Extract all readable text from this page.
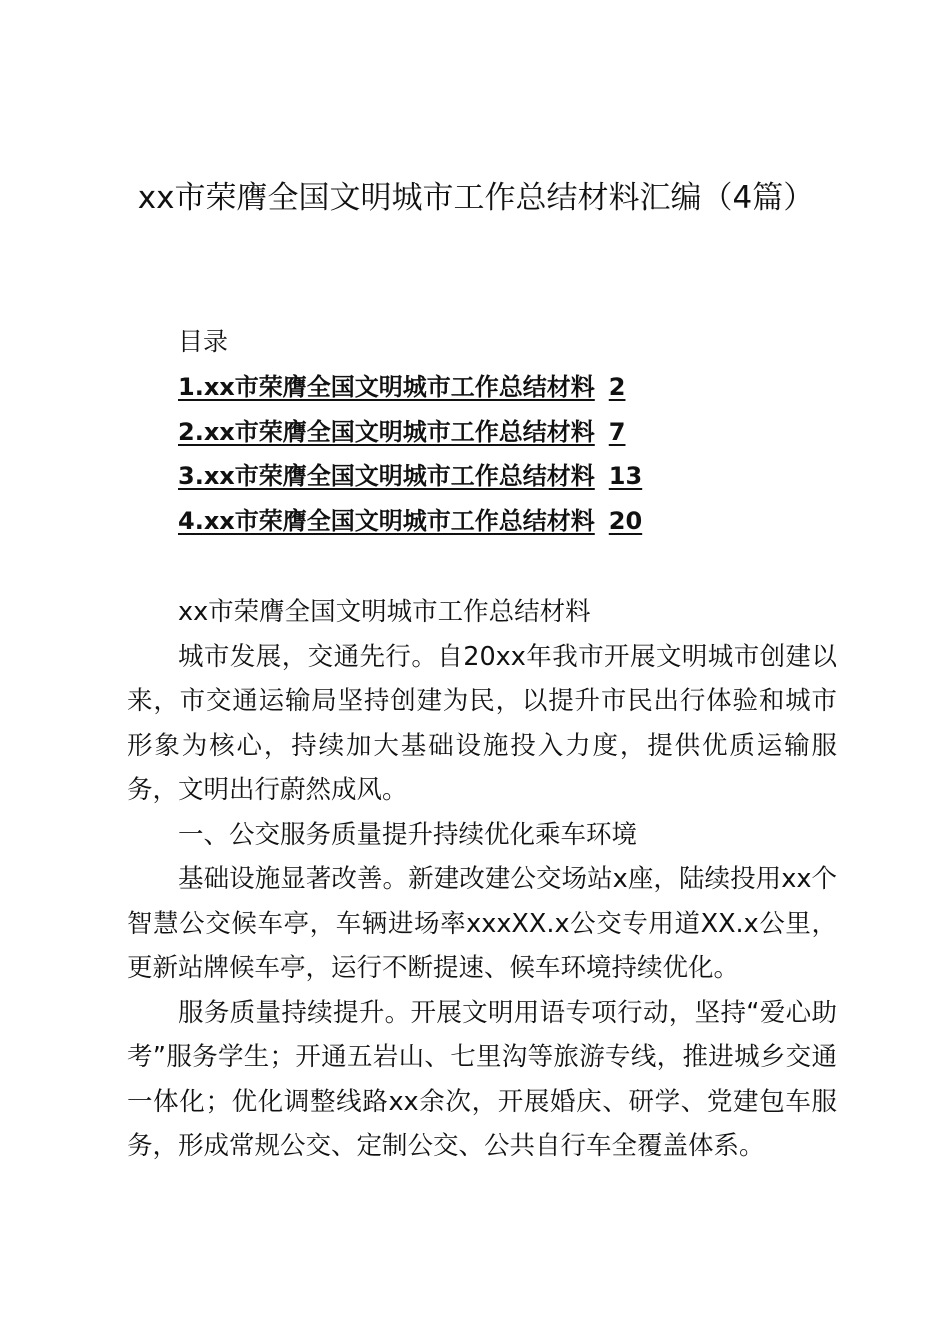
xx市荣膺全国文明城市工作总结材料汇编（4篇）
目录
1.xx市荣膺全国文明城市工作总结材料 2
2.xx市荣膺全国文明城市工作总结材料 7
3.xx市荣膺全国文明城市工作总结材料 13
4.xx市荣膺全国文明城市工作总结材料 20

xx市荣膺全国文明城市工作总结材料

城市发展，交通先行。自20xx年我市开展文明城市创建以来，市交通运输局坚持创建为民，以提升市民出行体验和城市形象为核心，持续加大基础设施投入力度，提供优质运输服务，文明出行蔚然成风。

一、公交服务质量提升持续优化乘车环境

基础设施显著改善。新建改建公交场站x座，陆续投用xx个智慧公交候车亭，车辆进场率xxxXX.x公交专用道XX.x公里，更新站牌候车亭，运行不断提速、候车环境持续优化。

服务质量持续提升。开展文明用语专项行动，坚持“爱心助考”服务学生；开通五岩山、七里沟等旅游专线，推进城乡交通一体化；优化调整线路xx余次，开展婚庆、研学、党建包车服务，形成常规公交、定制公交、公共自行车全覆盖体系。
